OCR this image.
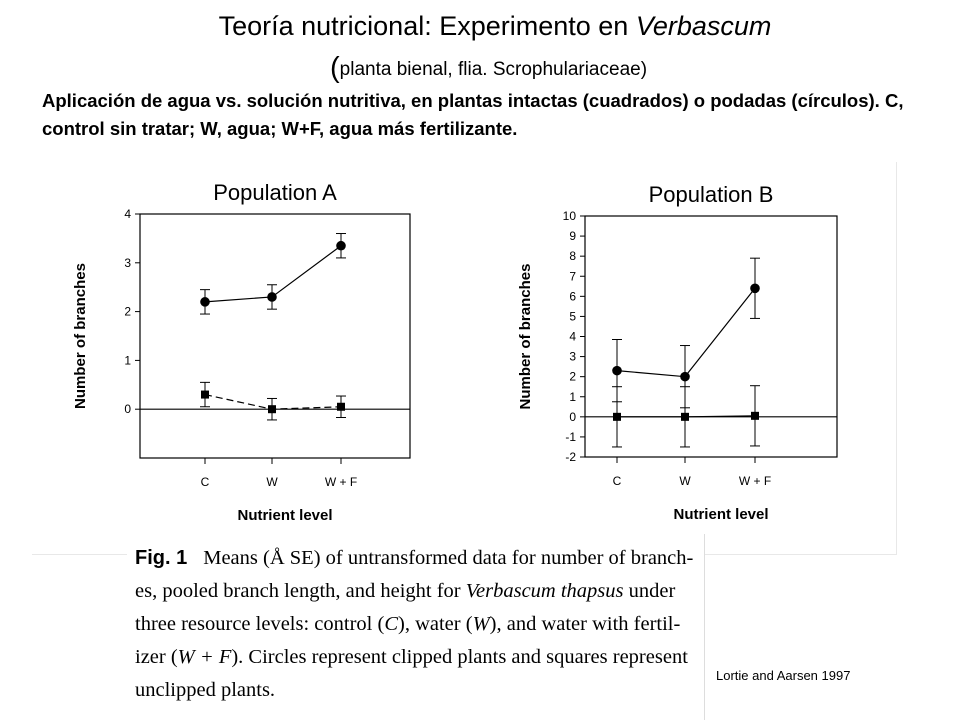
Teoría nutricional: Experimento en Verbascum
(planta bienal, flia. Scrophulariaceae)
Aplicación de agua vs. solución nutritiva, en plantas intactas (cuadrados) o podadas (círculos). C, control sin tratar; W, agua; W+F, agua más fertilizante.
Population A
0
1
2
3
4
C	W	W + F
Nutrient level
Number of branches
Population B
-2
-1
0
1
2
3
4
5
6
7
8
9
10
C	W	W + F
Nutrient level
Number of branches
Fig. 1 Means (Å SE) of untransformed data for number of branch-es, pooled branch length, and height for Verbascum thapsus under three resource levels: control (C), water (W), and water with fertil-izer (W + F). Circles represent clipped plants and squares represent unclipped plants.
Lortie and Aarsen 1997
